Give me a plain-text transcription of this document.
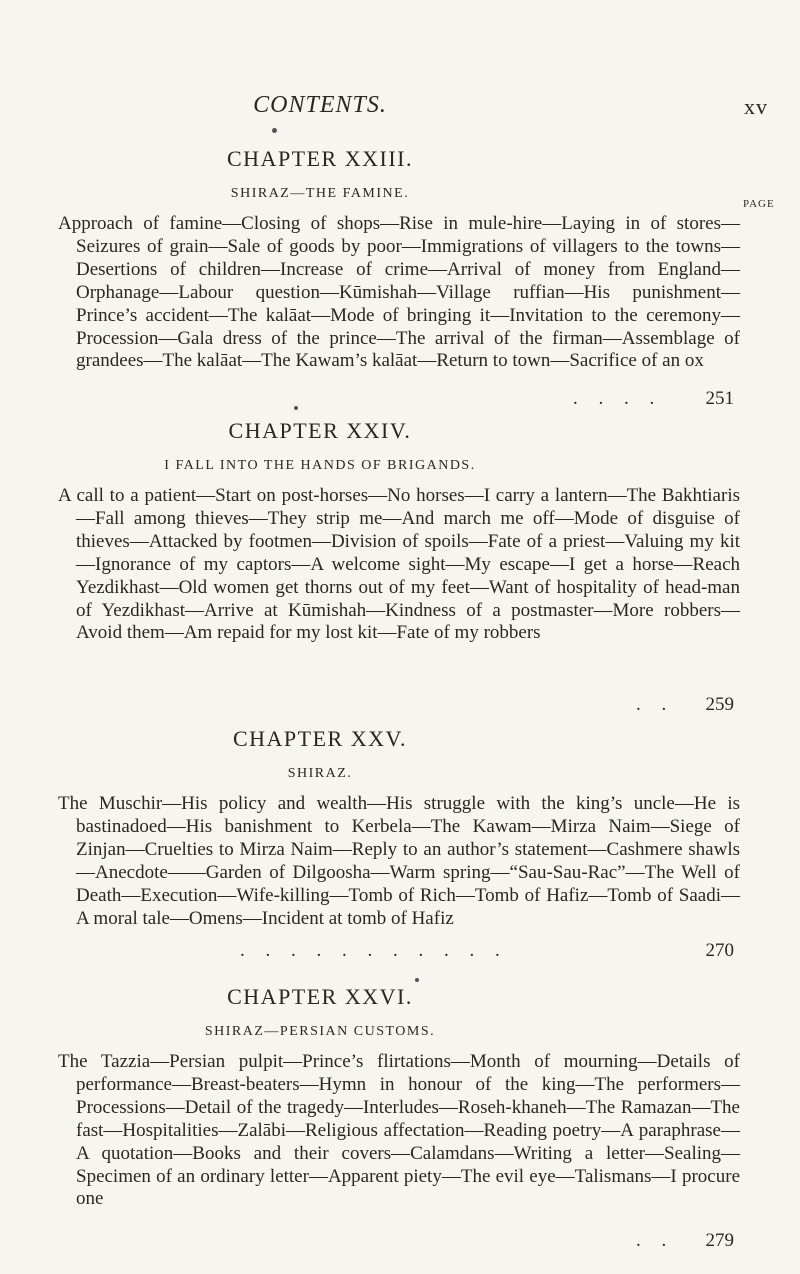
CONTENTS.	xv
CHAPTER XXIII.
SHIRAZ—THE FAMINE.
PAGE
Approach of famine—Closing of shops—Rise in mule-hire—Laying in of stores—Seizures of grain—Sale of goods by poor—Immigrations of villagers to the towns—Desertions of children—Increase of crime—Arrival of money from England—Orphanage—Labour question—Kūmishah—Village ruffian—His punishment—Prince’s accident—The kalāat—Mode of bringing it—Invitation to the ceremony—Procession—Gala dress of the prince—The arrival of the firman—Assemblage of grandees—The kalāat—The Kawam’s kalāat—Return to town—Sacrifice of an ox
. . . .	251
CHAPTER XXIV.
I FALL INTO THE HANDS OF BRIGANDS.
A call to a patient—Start on post-horses—No horses—I carry a lantern—The Bakhtiaris—Fall among thieves—They strip me—And march me off—Mode of disguise of thieves—Attacked by footmen—Division of spoils—Fate of a priest—Valuing my kit—Ignorance of my captors—A welcome sight—My escape—I get a horse—Reach Yezdikhast—Old women get thorns out of my feet—Want of hospitality of head-man of Yezdikhast—Arrive at Kūmishah—Kindness of a postmaster—More robbers—Avoid them—Am repaid for my lost kit—Fate of my robbers
. .	259
CHAPTER XXV.
SHIRAZ.
The Muschir—His policy and wealth—His struggle with the king’s uncle—He is bastinadoed—His banishment to Kerbela—The Kawam—Mirza Naim—Siege of Zinjan—Cruelties to Mirza Naim—Reply to an author’s statement—Cashmere shawls—Anecdote——Garden of Dilgoosha—Warm spring—“Sau-Sau-Rac”—The Well of Death—Execution—Wife-killing—Tomb of Rich—Tomb of Hafiz—Tomb of Saadi—A moral tale—Omens—Incident at tomb of Hafiz
. . . . . . . . . . .	270
CHAPTER XXVI.
SHIRAZ—PERSIAN CUSTOMS.
The Tazzia—Persian pulpit—Prince’s flirtations—Month of mourning—Details of performance—Breast-beaters—Hymn in honour of the king—The performers—Processions—Detail of the tragedy—Interludes—Roseh-khaneh—The Ramazan—The fast—Hospitalities—Zalābi—Religious affectation—Reading poetry—A paraphrase—A quotation—Books and their covers—Calamdans—Writing a letter—Sealing—Specimen of an ordinary letter—Apparent piety—The evil eye—Talismans—I procure one
. .	279
